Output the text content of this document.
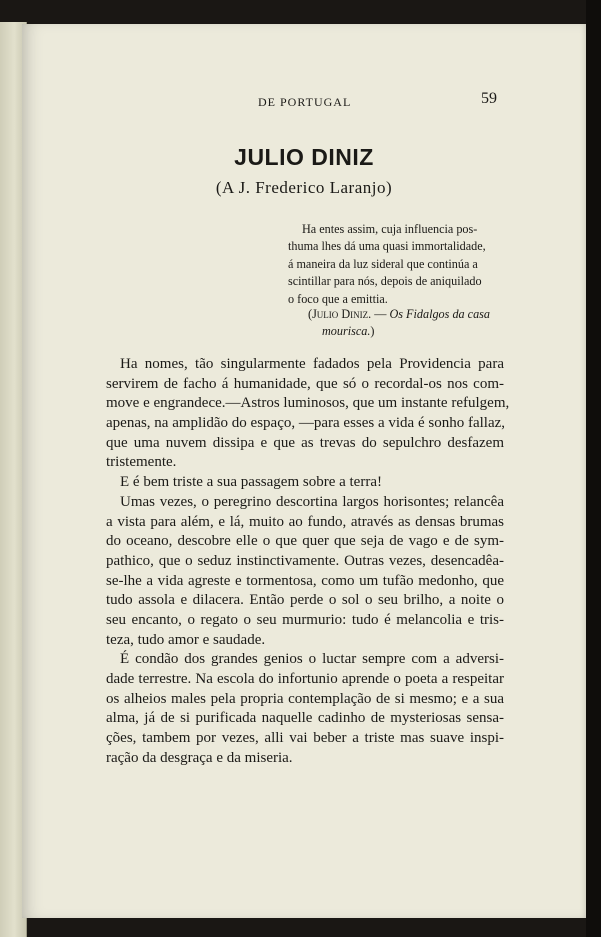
DE PORTUGAL	59
JULIO DINIZ
(A J. Frederico Laranjo)
Ha entes assim, cuja influencia pos-
thuma lhes dá uma quasi immortalidade,
á maneira da luz sideral que continúa a
scintillar para nós, depois de aniquilado
o foco que a emittia.
(Julio Diniz. — Os Fidalgos da casa
mourisca.)
Ha nomes, tão singularmente fadados pela Providencia para
servirem de facho á humanidade, que só o recordal-os nos com-
move e engrandece.—Astros luminosos, que um instante refulgem,
apenas, na amplidão do espaço, —para esses a vida é sonho fallaz,
que uma nuvem dissipa e que as trevas do sepulchro desfazem
tristemente.
E é bem triste a sua passagem sobre a terra!
Umas vezes, o peregrino descortina largos horisontes; relancêa
a vista para além, e lá, muito ao fundo, através as densas brumas
do oceano, descobre elle o que quer que seja de vago e de sym-
pathico, que o seduz instinctivamente. Outras vezes, desencadêa-
se-lhe a vida agreste e tormentosa, como um tufão medonho, que
tudo assola e dilacera. Então perde o sol o seu brilho, a noite o
seu encanto, o regato o seu murmurio: tudo é melancolia e tris-
teza, tudo amor e saudade.
É condão dos grandes genios o luctar sempre com a adversi-
dade terrestre. Na escola do infortunio aprende o poeta a respeitar
os alheios males pela propria contemplação de si mesmo; e a sua
alma, já de si purificada naquelle cadinho de mysteriosas sensa-
ções, tambem por vezes, alli vai beber a triste mas suave inspi-
ração da desgraça e da miseria.
